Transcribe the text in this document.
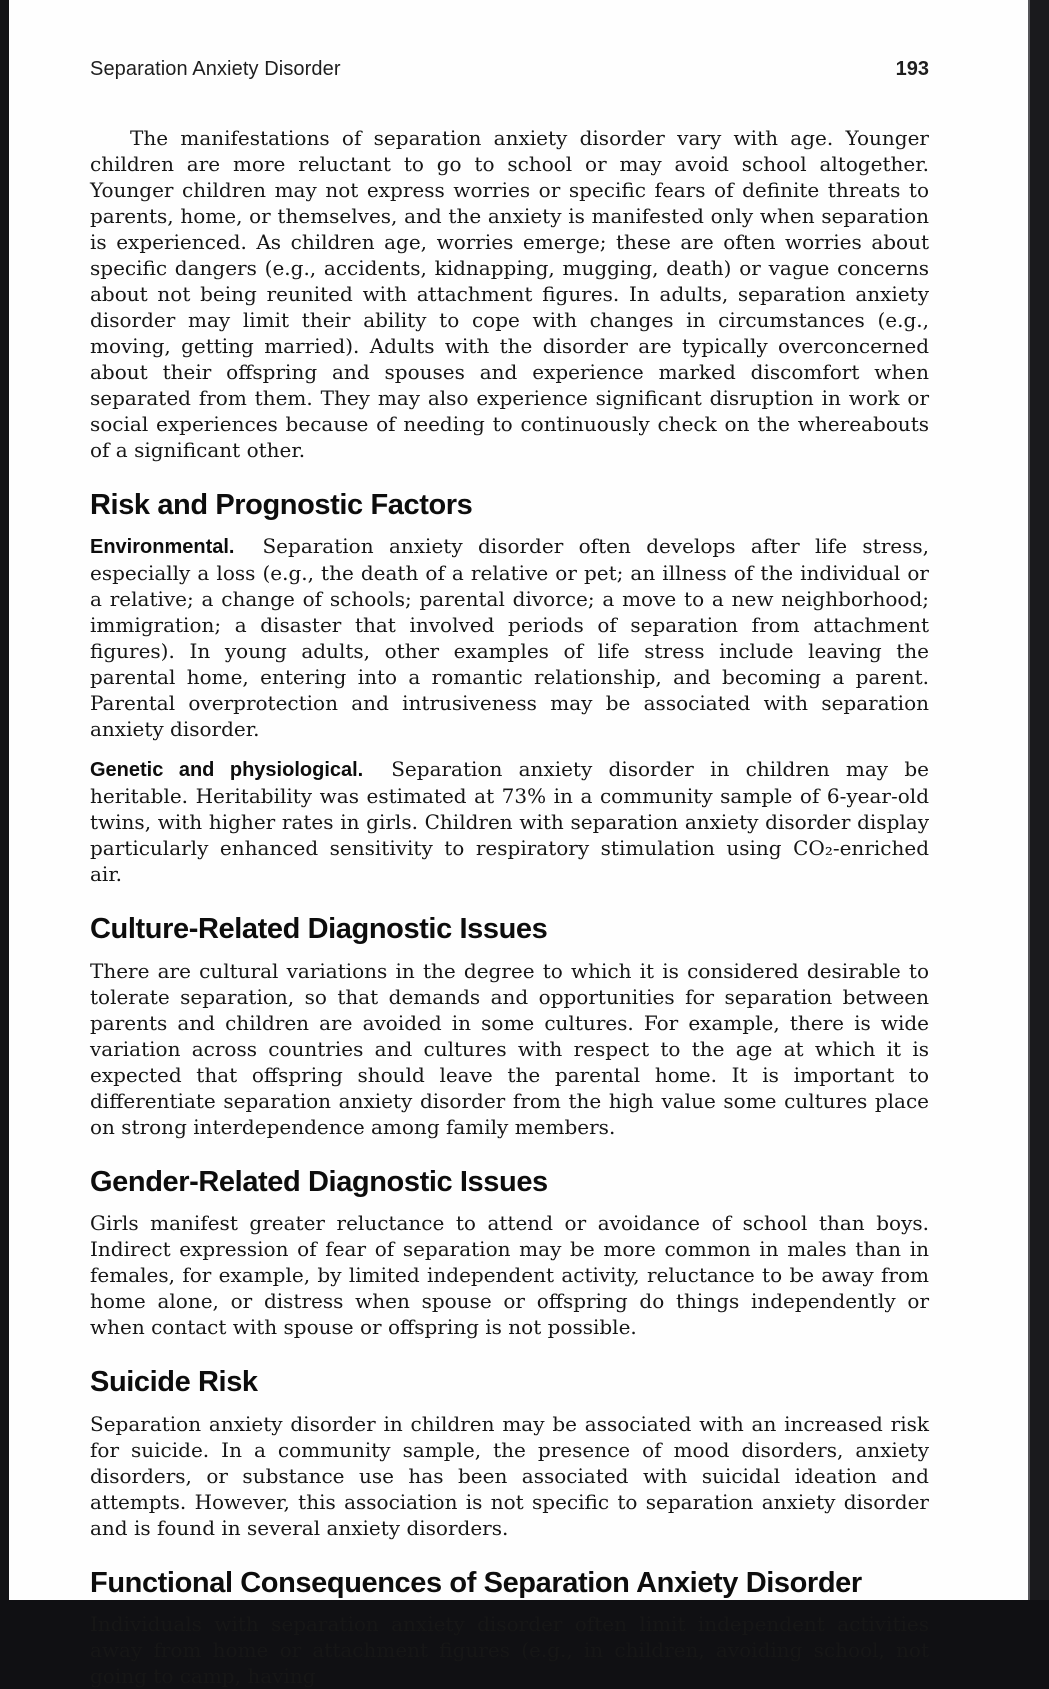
Separation Anxiety Disorder	193

The manifestations of separation anxiety disorder vary with age. Younger children are more reluctant to go to school or may avoid school altogether. Younger children may not express worries or specific fears of definite threats to parents, home, or themselves, and the anxiety is manifested only when separation is experienced. As children age, worries emerge; these are often worries about specific dangers (e.g., accidents, kidnapping, mugging, death) or vague concerns about not being reunited with attachment figures. In adults, separation anxiety disorder may limit their ability to cope with changes in circumstances (e.g., moving, getting married). Adults with the disorder are typically overconcerned about their offspring and spouses and experience marked discomfort when separated from them. They may also experience significant disruption in work or social experiences because of needing to continuously check on the whereabouts of a significant other.

Risk and Prognostic Factors

Environmental. Separation anxiety disorder often develops after life stress, especially a loss (e.g., the death of a relative or pet; an illness of the individual or a relative; a change of schools; parental divorce; a move to a new neighborhood; immigration; a disaster that involved periods of separation from attachment figures). In young adults, other examples of life stress include leaving the parental home, entering into a romantic relationship, and becoming a parent. Parental overprotection and intrusiveness may be associated with separation anxiety disorder.

Genetic and physiological. Separation anxiety disorder in children may be heritable. Heritability was estimated at 73% in a community sample of 6-year-old twins, with higher rates in girls. Children with separation anxiety disorder display particularly enhanced sensitivity to respiratory stimulation using CO₂-enriched air.

Culture-Related Diagnostic Issues

There are cultural variations in the degree to which it is considered desirable to tolerate separation, so that demands and opportunities for separation between parents and children are avoided in some cultures. For example, there is wide variation across countries and cultures with respect to the age at which it is expected that offspring should leave the parental home. It is important to differentiate separation anxiety disorder from the high value some cultures place on strong interdependence among family members.

Gender-Related Diagnostic Issues

Girls manifest greater reluctance to attend or avoidance of school than boys. Indirect expression of fear of separation may be more common in males than in females, for example, by limited independent activity, reluctance to be away from home alone, or distress when spouse or offspring do things independently or when contact with spouse or offspring is not possible.

Suicide Risk

Separation anxiety disorder in children may be associated with an increased risk for suicide. In a community sample, the presence of mood disorders, anxiety disorders, or substance use has been associated with suicidal ideation and attempts. However, this association is not specific to separation anxiety disorder and is found in several anxiety disorders.

Functional Consequences of Separation Anxiety Disorder

Individuals with separation anxiety disorder often limit independent activities away from home or attachment figures (e.g., in children, avoiding school, not going to camp, having
